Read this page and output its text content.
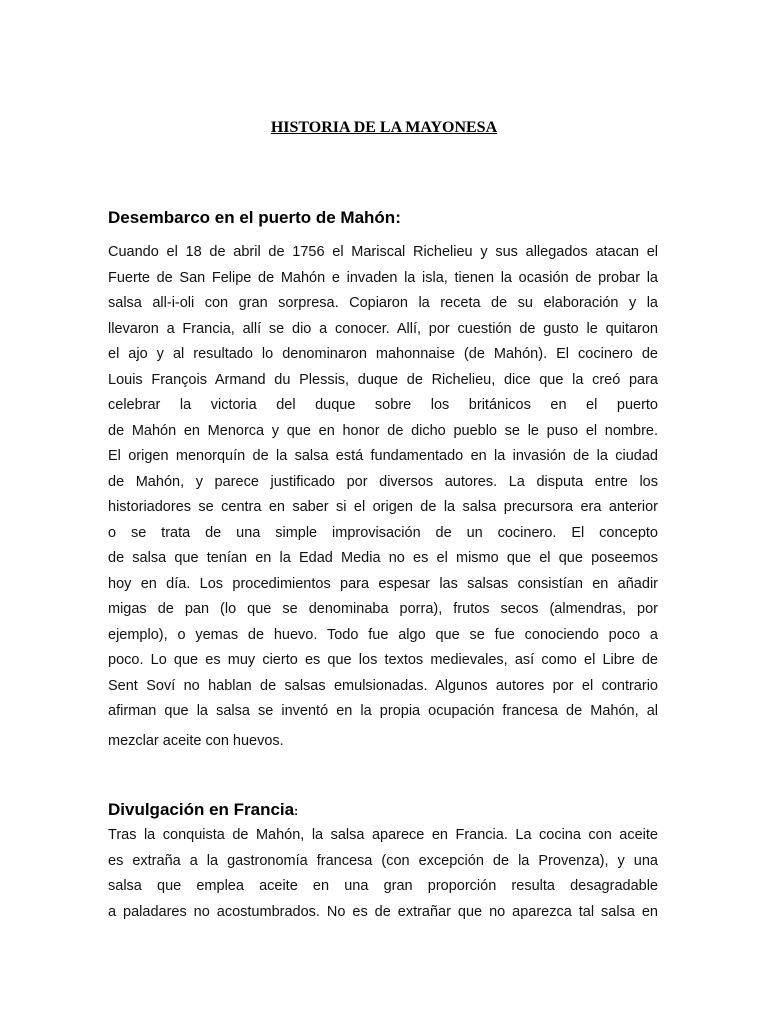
HISTORIA DE LA MAYONESA
Desembarco en el puerto de Mahón:
Cuando el 18 de abril de 1756 el Mariscal Richelieu y sus allegados atacan el
Fuerte de San Felipe de Mahón e invaden la isla, tienen la ocasión de probar la
salsa all-i-oli con gran sorpresa. Copiaron la receta de su elaboración y la
llevaron a Francia, allí se dio a conocer. Allí, por cuestión de gusto le quitaron
el ajo y al resultado lo denominaron mahonnaise (de Mahón). El cocinero de
Louis François Armand du Plessis, duque de Richelieu, dice que la creó para
celebrar la victoria del duque sobre los británicos en el puerto
de Mahón en Menorca y que en honor de dicho pueblo se le puso el nombre.
El origen menorquín de la salsa está fundamentado en la invasión de la ciudad
de Mahón, y parece justificado por diversos autores. La disputa entre los
historiadores se centra en saber si el origen de la salsa precursora era anterior
o se trata de una simple improvisación de un cocinero. El concepto
de salsa que tenían en la Edad Media no es el mismo que el que poseemos
hoy en día. Los procedimientos para espesar las salsas consistían en añadir
migas de pan (lo que se denominaba porra), frutos secos (almendras, por
ejemplo), o yemas de huevo. Todo fue algo que se fue conociendo poco a
poco. Lo que es muy cierto es que los textos medievales, así como el Libre de
Sent Soví no hablan de salsas emulsionadas. Algunos autores por el contrario
afirman que la salsa se inventó en la propia ocupación francesa de Mahón, al
mezclar aceite con huevos.
Divulgación en Francia:
Tras la conquista de Mahón, la salsa aparece en Francia. La cocina con aceite
es extraña a la gastronomía francesa (con excepción de la Provenza), y una
salsa que emplea aceite en una gran proporción resulta desagradable
a paladares no acostumbrados. No es de extrañar que no aparezca tal salsa en
